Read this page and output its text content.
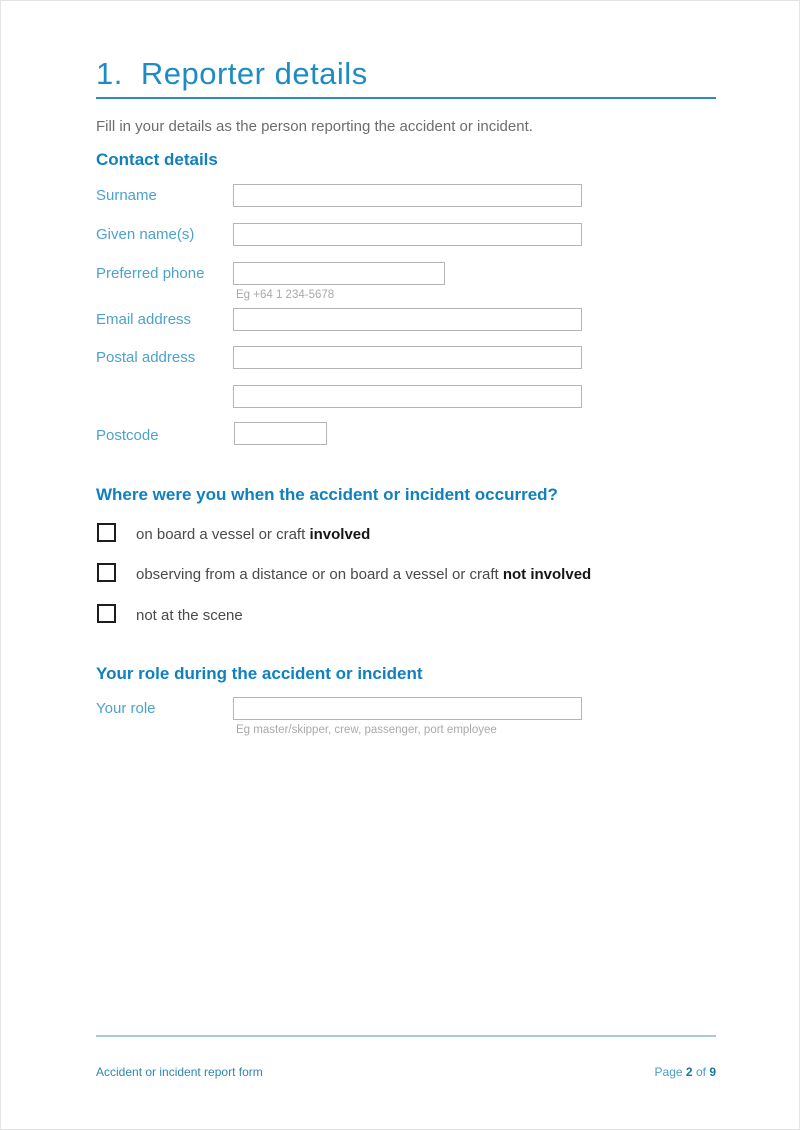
1. Reporter details

Fill in your details as the person reporting the accident or incident.

Contact details
Surname
Given name(s)
Preferred phone
Eg +64 1 234-5678
Email address
Postal address
Postcode
Where were you when the accident or incident occurred?
on board a vessel or craft involved
observing from a distance or on board a vessel or craft not involved
not at the scene
Your role during the accident or incident
Your role
Eg master/skipper, crew, passenger, port employee
Accident or incident report form	Page 2 of 9
